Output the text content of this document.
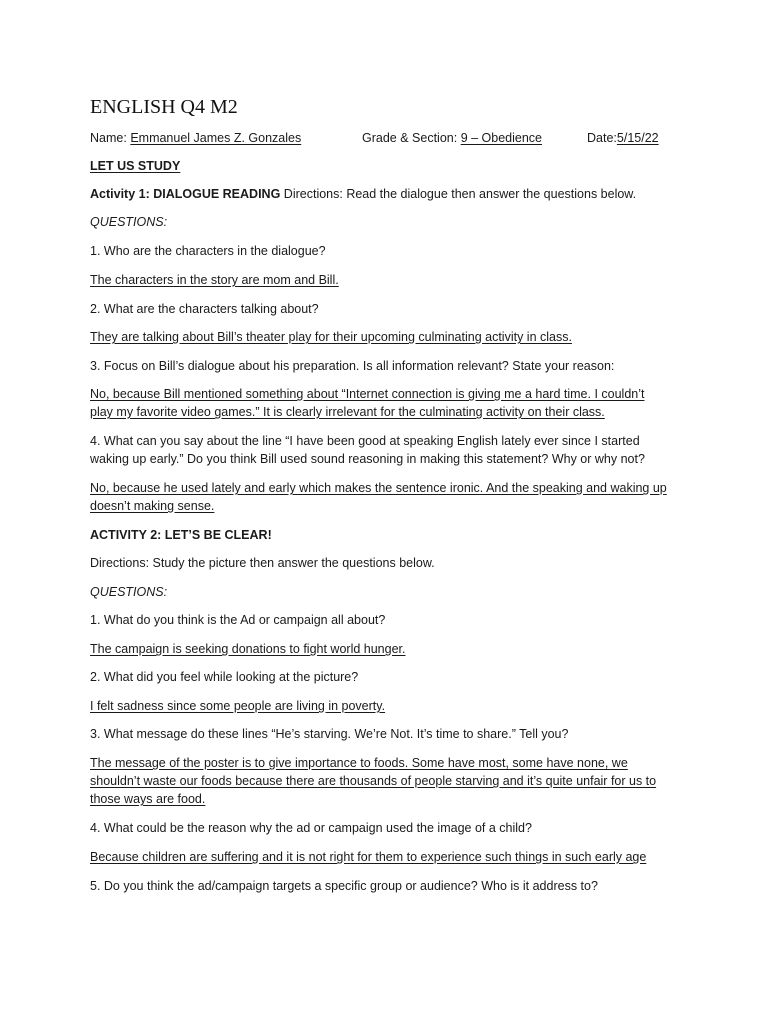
ENGLISH Q4 M2
Name: Emmanuel James Z. Gonzales	Grade & Section: 9 – Obedience	Date:5/15/22
LET US STUDY
Activity 1: DIALOGUE READING Directions: Read the dialogue then answer the questions below.
QUESTIONS:
1. Who are the characters in the dialogue?
The characters in the story are mom and Bill.
2. What are the characters talking about?
They are talking about Bill’s theater play for their upcoming culminating activity in class.
3. Focus on Bill’s dialogue about his preparation. Is all information relevant? State your reason:
No, because Bill mentioned something about “Internet connection is giving me a hard time. I couldn’t
play my favorite video games.” It is clearly irrelevant for the culminating activity on their class.
4. What can you say about the line “I have been good at speaking English lately ever since I started
waking up early.” Do you think Bill used sound reasoning in making this statement? Why or why not?
No, because he used lately and early which makes the sentence ironic. And the speaking and waking up
doesn’t making sense.
ACTIVITY 2: LET’S BE CLEAR!
Directions: Study the picture then answer the questions below.
QUESTIONS:
1. What do you think is the Ad or campaign all about?
The campaign is seeking donations to fight world hunger.
2. What did you feel while looking at the picture?
I felt sadness since some people are living in poverty.
3. What message do these lines “He’s starving. We’re Not. It’s time to share.” Tell you?
The message of the poster is to give importance to foods. Some have most, some have none, we
shouldn’t waste our foods because there are thousands of people starving and it’s quite unfair for us to
those ways are food.
4. What could be the reason why the ad or campaign used the image of a child?
Because children are suffering and it is not right for them to experience such things in such early age
5. Do you think the ad/campaign targets a specific group or audience? Who is it address to?
